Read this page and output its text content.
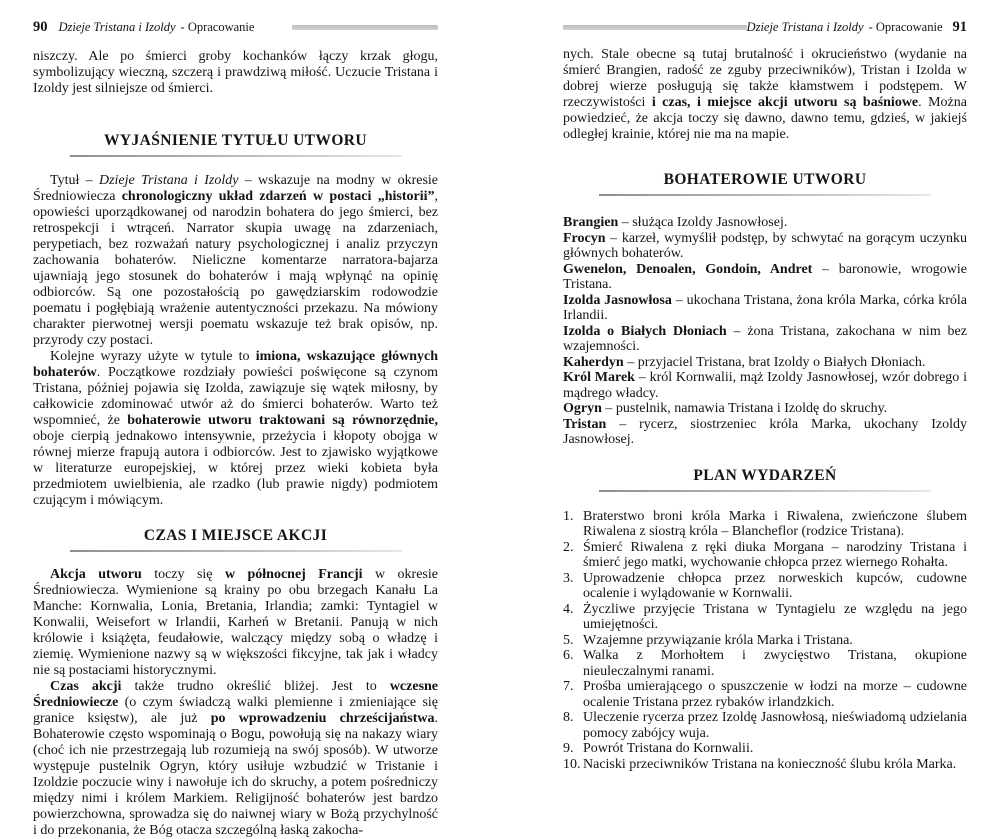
90 Dzieje Tristana i Izoldy - Opracowanie
niszczy. Ale po śmierci groby kochanków łączy krzak głogu, symbolizujący wieczną, szczerą i prawdziwą miłość. Uczucie Tristana i Izoldy jest silniejsze od śmierci.
WYJAŚNIENIE TYTUŁU UTWORU
Tytuł – Dzieje Tristana i Izoldy – wskazuje na modny w okresie Średniowiecza chronologiczny układ zdarzeń w postaci „historii”, opowieści uporządkowanej od narodzin bohatera do jego śmierci, bez retrospekcji i wtrąceń. Narrator skupia uwagę na zdarzeniach, perypetiach, bez rozważań natury psychologicznej i analiz przyczyn zachowania bohaterów. Nieliczne komentarze narratora-bajarza ujawniają jego stosunek do bohaterów i mają wpłynąć na opinię odbiorców. Są one pozostałością po gawędziarskim rodowodzie poematu i pogłębiają wrażenie autentyczności przekazu. Na mówiony charakter pierwotnej wersji poematu wskazuje też brak opisów, np. przyrody czy postaci.
Kolejne wyrazy użyte w tytule to imiona, wskazujące głównych bohaterów. Początkowe rozdziały powieści poświęcone są czynom Tristana, później pojawia się Izolda, zawiązuje się wątek miłosny, by całkowicie zdominować utwór aż do śmierci bohaterów. Warto też wspomnieć, że bohaterowie utworu traktowani są równorzędnie, oboje cierpią jednakowo intensywnie, przeżycia i kłopoty obojga w równej mierze frapują autora i odbiorców. Jest to zjawisko wyjątkowe w literaturze europejskiej, w której przez wieki kobieta była przedmiotem uwielbienia, ale rzadko (lub prawie nigdy) podmiotem czującym i mówiącym.
CZAS I MIEJSCE AKCJI
Akcja utworu toczy się w północnej Francji w okresie Średniowiecza. Wymienione są krainy po obu brzegach Kanału La Manche: Kornwalia, Lonia, Bretania, Irlandia; zamki: Tyntagiel w Konwalii, Weisefort w Irlandii, Karheń w Bretanii. Panują w nich królowie i książęta, feudałowie, walczący między sobą o władzę i ziemię. Wymienione nazwy są w większości fikcyjne, tak jak i władcy nie są postaciami historycznymi.
Czas akcji także trudno określić bliżej. Jest to wczesne Średniowiecze (o czym świadczą walki plemienne i zmieniające się granice księstw), ale już po wprowadzeniu chrześcijaństwa. Bohaterowie często wspominają o Bogu, powołują się na nakazy wiary (choć ich nie przestrzegają lub rozumieją na swój sposób). W utworze występuje pustelnik Ogryn, który usiłuje wzbudzić w Tristanie i Izoldzie poczucie winy i nawołuje ich do skruchy, a potem pośredniczy między nimi i królem Markiem. Religijność bohaterów jest bardzo powierzchowna, sprowadza się do naiwnej wiary w Bożą przychylność i do przekonania, że Bóg otacza szczególną łaską zakocha-
Dzieje Tristana i Izoldy - Opracowanie 91
nych. Stale obecne są tutaj brutalność i okrucieństwo (wydanie na śmierć Brangien, radość ze zguby przeciwników), Tristan i Izolda w dobrej wierze posługują się także kłamstwem i podstępem. W rzeczywistości i czas, i miejsce akcji utworu są baśniowe. Można powiedzieć, że akcja toczy się dawno, dawno temu, gdzieś, w jakiejś odległej krainie, której nie ma na mapie.
BOHATEROWIE UTWORU
Brangien – służąca Izoldy Jasnowłosej.
Frocyn – karzeł, wymyślił podstęp, by schwytać na gorącym uczynku głównych bohaterów.
Gwenelon, Denoalen, Gondoin, Andret – baronowie, wrogowie Tristana.
Izolda Jasnowłosa – ukochana Tristana, żona króla Marka, córka króla Irlandii.
Izolda o Białych Dłoniach – żona Tristana, zakochana w nim bez wzajemności.
Kaherdyn – przyjaciel Tristana, brat Izoldy o Białych Dłoniach.
Król Marek – król Kornwalii, mąż Izoldy Jasnowłosej, wzór dobrego i mądrego władcy.
Ogryn – pustelnik, namawia Tristana i Izoldę do skruchy.
Tristan – rycerz, siostrzeniec króla Marka, ukochany Izoldy Jasnowłosej.
PLAN WYDARZEŃ
1. Braterstwo broni króla Marka i Riwalena, zwieńczone ślubem Riwalena z siostrą króla – Blancheflor (rodzice Tristana).
2. Śmierć Riwalena z ręki diuka Morgana – narodziny Tristana i śmierć jego matki, wychowanie chłopca przez wiernego Rohałta.
3. Uprowadzenie chłopca przez norweskich kupców, cudowne ocalenie i wylądowanie w Kornwalii.
4. Życzliwe przyjęcie Tristana w Tyntagielu ze względu na jego umiejętności.
5. Wzajemne przywiązanie króla Marka i Tristana.
6. Walka z Morhołtem i zwycięstwo Tristana, okupione nieuleczalnymi ranami.
7. Prośba umierającego o spuszczenie w łodzi na morze – cudowne ocalenie Tristana przez rybaków irlandzkich.
8. Uleczenie rycerza przez Izoldę Jasnowłosą, nieświadomą udzielania pomocy zabójcy wuja.
9. Powrót Tristana do Kornwalii.
10. Naciski przeciwników Tristana na konieczność ślubu króla Marka.
